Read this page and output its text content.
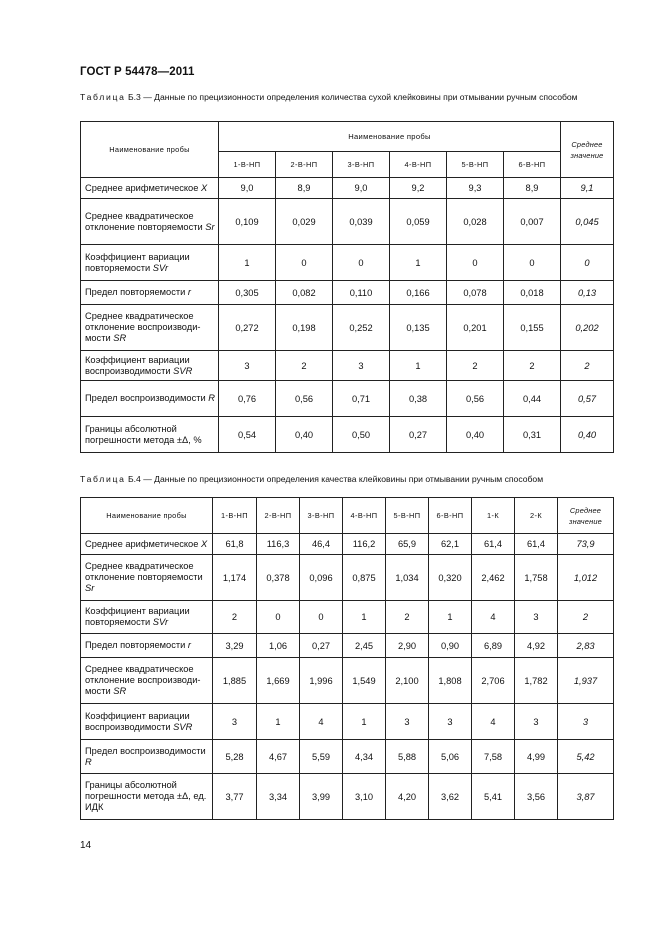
ГОСТ Р 54478—2011
Таблица Б.3 — Данные по прецизионности определения количества сухой клейковины при отмывании ручным способом
Наименование пробы	Наименование пробы						Среднее значение
	1-В-НП	2-В-НП	3-В-НП	4-В-НП	5-В-НП	6-В-НП	
Среднее арифметическое X	9,0	8,9	9,0	9,2	9,3	8,9	9,1
Среднее квадратическое отклонение повторяемости Sr	0,109	0,029	0,039	0,059	0,028	0,007	0,045
Коэффициент вариации повторяемости SVr	1	0	0	1	0	0	0
Предел повторяемости r	0,305	0,082	0,110	0,166	0,078	0,018	0,13
Среднее квадратическое отклонение воспроизводи-мости SR	0,272	0,198	0,252	0,135	0,201	0,155	0,202
Коэффициент вариации воспроизводимости SVR	3	2	3	1	2	2	2
Предел воспроизводимости R	0,76	0,56	0,71	0,38	0,56	0,44	0,57
Границы абсолютной погрешности метода ±Δ, %	0,54	0,40	0,50	0,27	0,40	0,31	0,40
Таблица Б.4 — Данные по прецизионности определения качества клейковины при отмывании ручным способом
Наименование пробы	1-В-НП	2-В-НП	3-В-НП	4-В-НП	5-В-НП	6-В-НП	1-К	2-К	Среднее значение
Среднее арифметическое X	61,8	116,3	46,4	116,2	65,9	62,1	61,4	61,4	73,9
Среднее квадратическое отклонение повторяемости Sr	1,174	0,378	0,096	0,875	1,034	0,320	2,462	1,758	1,012
Коэффициент вариации повторяемости SVr	2	0	0	1	2	1	4	3	2
Предел повторяемости r	3,29	1,06	0,27	2,45	2,90	0,90	6,89	4,92	2,83
Среднее квадратическое отклонение воспроизводи-мости SR	1,885	1,669	1,996	1,549	2,100	1,808	2,706	1,782	1,937
Коэффициент вариации воспроизводимости SVR	3	1	4	1	3	3	4	3	3
Предел воспроизводимости R	5,28	4,67	5,59	4,34	5,88	5,06	7,58	4,99	5,42
Границы абсолютной погрешности метода ±Δ, ед. ИДК	3,77	3,34	3,99	3,10	4,20	3,62	5,41	3,56	3,87
14
